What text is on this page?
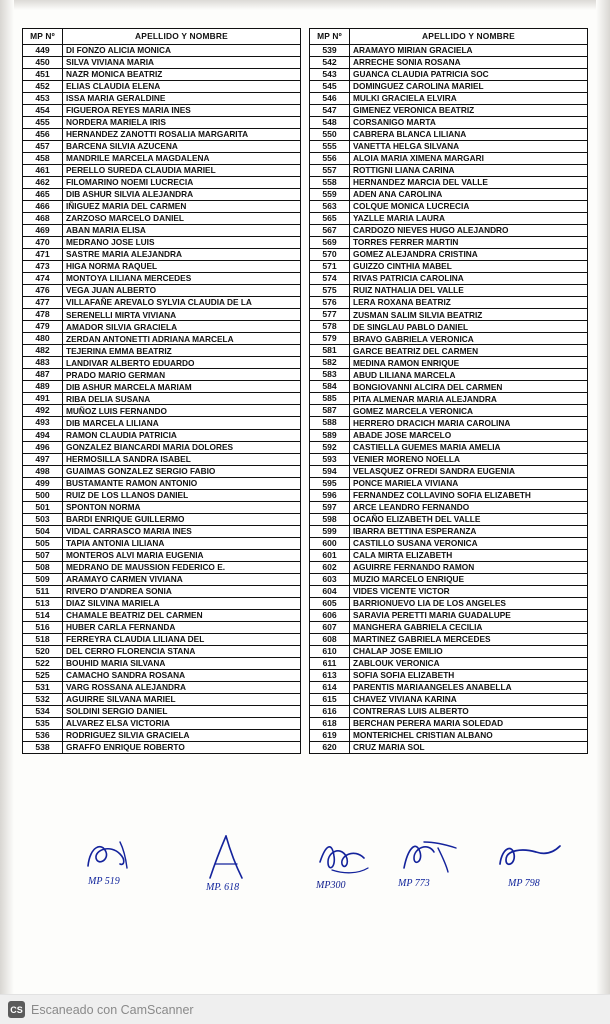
MP Nº	APELLIDO Y NOMBRE
449	DI FONZO ALICIA MONICA
450	SILVA VIVIANA MARIA
451	NAZR MONICA BEATRIZ
452	ELIAS CLAUDIA ELENA
453	ISSA MARIA GERALDINE
454	FIGUEROA REYES MARIA INES
455	NORDERA MARIELA IRIS
456	HERNANDEZ ZANOTTI ROSALIA MARGARITA
457	BARCENA SILVIA AZUCENA
458	MANDRILE MARCELA MAGDALENA
461	PERELLO SUREDA CLAUDIA MARIEL
462	FILOMARINO NOEMI LUCRECIA
465	DIB ASHUR SILVIA ALEJANDRA
466	IÑIGUEZ MARIA DEL CARMEN
468	ZARZOSO MARCELO DANIEL
469	ABAN MARIA ELISA
470	MEDRANO JOSE LUIS
471	SASTRE MARIA ALEJANDRA
473	HIGA NORMA RAQUEL
474	MONTOYA LILIANA MERCEDES
476	VEGA JUAN ALBERTO
477	VILLAFAÑE AREVALO SYLVIA CLAUDIA DE LA
478	SERENELLI MIRTA VIVIANA
479	AMADOR SILVIA GRACIELA
480	ZERDAN ANTONETTI ADRIANA MARCELA
482	TEJERINA EMMA BEATRIZ
483	LANDIVAR ALBERTO EDUARDO
487	PRADO MARIO GERMAN
489	DIB ASHUR MARCELA MARIAM
491	RIBA DELIA SUSANA
492	MUÑOZ LUIS FERNANDO
493	DIB MARCELA LILIANA
494	RAMON CLAUDIA PATRICIA
496	GONZALEZ BIANCARDI MARIA DOLORES
497	HERMOSILLA SANDRA ISABEL
498	GUAIMAS GONZALEZ SERGIO FABIO
499	BUSTAMANTE RAMON ANTONIO
500	RUIZ DE LOS LLANOS DANIEL
501	SPONTON NORMA
503	BARDI ENRIQUE GUILLERMO
504	VIDAL CARRASCO MARIA INES
505	TAPIA ANTONIA LILIANA
507	MONTEROS ALVI MARIA EUGENIA
508	MEDRANO DE MAUSSION FEDERICO E.
509	ARAMAYO CARMEN VIVIANA
511	RIVERO D'ANDREA SONIA
513	DIAZ SILVINA MARIELA
514	CHAMALE BEATRIZ DEL CARMEN
516	HUBER CARLA FERNANDA
518	FERREYRA CLAUDIA LILIANA DEL
520	DEL CERRO FLORENCIA STANA
522	BOUHID MARIA SILVANA
525	CAMACHO SANDRA ROSANA
531	VARG ROSSANA ALEJANDRA
532	AGUIRRE SILVANA MARIEL
534	SOLDINI SERGIO DANIEL
535	ALVAREZ ELSA VICTORIA
536	RODRIGUEZ SILVIA GRACIELA
538	GRAFFO ENRIQUE ROBERTO
MP Nº	APELLIDO Y NOMBRE
539	ARAMAYO MIRIAN GRACIELA
542	ARRECHE SONIA ROSANA
543	GUANCA CLAUDIA PATRICIA SOC
545	DOMINGUEZ CAROLINA MARIEL
546	MULKI GRACIELA ELVIRA
547	GIMENEZ VERONICA BEATRIZ
548	CORSANIGO MARTA
550	CABRERA BLANCA LILIANA
555	VANETTA HELGA SILVANA
556	ALOIA MARIA XIMENA MARGARI
557	ROTTIGNI LIANA CARINA
558	HERNANDEZ MARCIA DEL VALLE
559	ADEN ANA CAROLINA
563	COLQUE MONICA LUCRECIA
565	YAZLLE MARIA LAURA
567	CARDOZO NIEVES HUGO ALEJANDRO
569	TORRES FERRER MARTIN
570	GOMEZ ALEJANDRA CRISTINA
571	GUIZZO CINTHIA MABEL
574	RIVAS PATRICIA CAROLINA
575	RUIZ NATHALIA DEL VALLE
576	LERA ROXANA BEATRIZ
577	ZUSMAN SALIM SILVIA BEATRIZ
578	DE SINGLAU PABLO DANIEL
579	BRAVO GABRIELA VERONICA
581	GARCE BEATRIZ DEL CARMEN
582	MEDINA RAMON ENRIQUE
583	ABUD LILIANA MARCELA
584	BONGIOVANNI ALCIRA DEL CARMEN
585	PITA ALMENAR MARIA ALEJANDRA
587	GOMEZ MARCELA VERONICA
588	HERRERO DRACICH MARIA CAROLINA
589	ABADE JOSE MARCELO
592	CASTIELLA GUEMES MARIA AMELIA
593	VENIER MORENO NOELLA
594	VELASQUEZ OFREDI SANDRA EUGENIA
595	PONCE MARIELA VIVIANA
596	FERNANDEZ COLLAVINO SOFIA ELIZABETH
597	ARCE LEANDRO FERNANDO
598	OCAÑO ELIZABETH DEL VALLE
599	IBARRA BETTINA ESPERANZA
600	CASTILLO SUSANA VERONICA
601	CALA MIRTA ELIZABETH
602	AGUIRRE FERNANDO RAMON
603	MUZIO MARCELO ENRIQUE
604	VIDES VICENTE VICTOR
605	BARRIONUEVO LIA DE LOS ANGELES
606	SARAVIA PERETTI MARIA GUADALUPE
607	MANGHERA GABRIELA CECILIA
608	MARTINEZ GABRIELA MERCEDES
610	CHALAP JOSE EMILIO
611	ZABLOUK VERONICA
613	SOFIA SOFIA ELIZABETH
614	PARENTIS MARIAANGELES ANABELLA
615	CHAVEZ VIVIANA KARINA
616	CONTRERAS LUIS ALBERTO
618	BERCHAN PERERA MARIA SOLEDAD
619	MONTERICHEL CRISTIAN ALBANO
620	CRUZ MARIA SOL
MP 519
MP. 618	MP300	MP 773	MP 798
CS Escaneado con CamScanner
